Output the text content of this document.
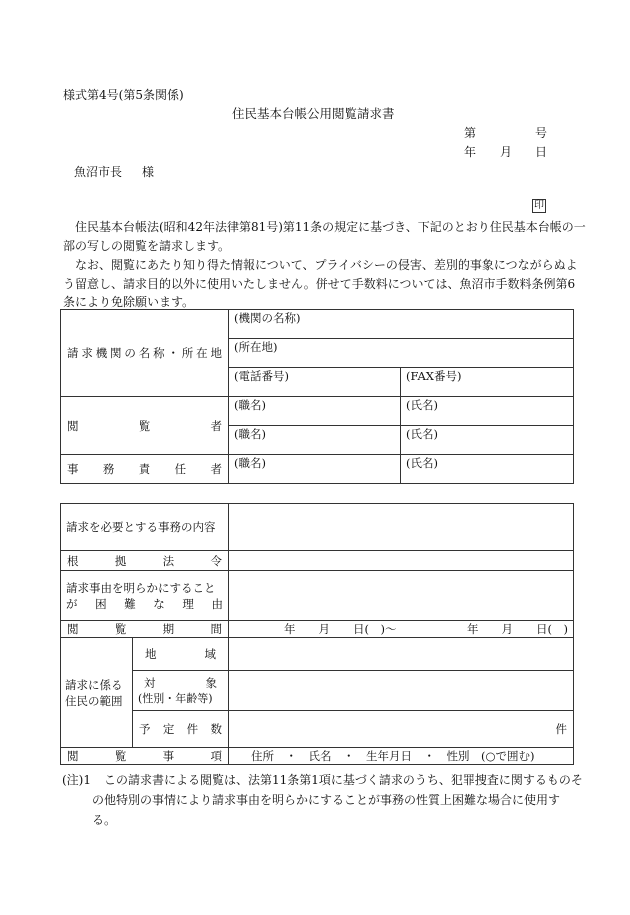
様式第4号(第5条関係)
住民基本台帳公用閲覧請求書
第	号
年 月 日
魚沼市長 様
印
住民基本台帳法(昭和42年法律第81号)第11条の規定に基づき、下記のとおり住民基本台帳の一
部の写しの閲覧を請求します。
なお、閲覧にあたり知り得た情報について、プライバシーの侵害、差別的事象につながらぬよ
う留意し、請求目的以外に使用いたしません。併せて手数料については、魚沼市手数料条例第6
条により免除願います。
請求機関の名称・所在地	(機関の名称)	
	(所在地)	
	(電話番号)	(FAX番号)
閲覧者	(職名)	(氏名)
	(職名)	(氏名)
事務責任者	(職名)	(氏名)
請求を必要とする事務の内容		
根拠法令		

請求事由を明らかにすること
が困難な理由		

閲覧期間		年　　月　　日(　)〜 年　　月　　日(　)

請求に係る
住民の範囲	地域	

	対象
(性別・年齢等)	

	予定件数	件
閲覧事項		住所　・　氏名　・　生年月日　・　性別　(○で囲む)
(注)1 この請求書による閲覧は、法第11条第1項に基づく請求のうち、犯罪捜査に関するものそ
の他特別の事情により請求事由を明らかにすることが事務の性質上困難な場合に使用す
る。
